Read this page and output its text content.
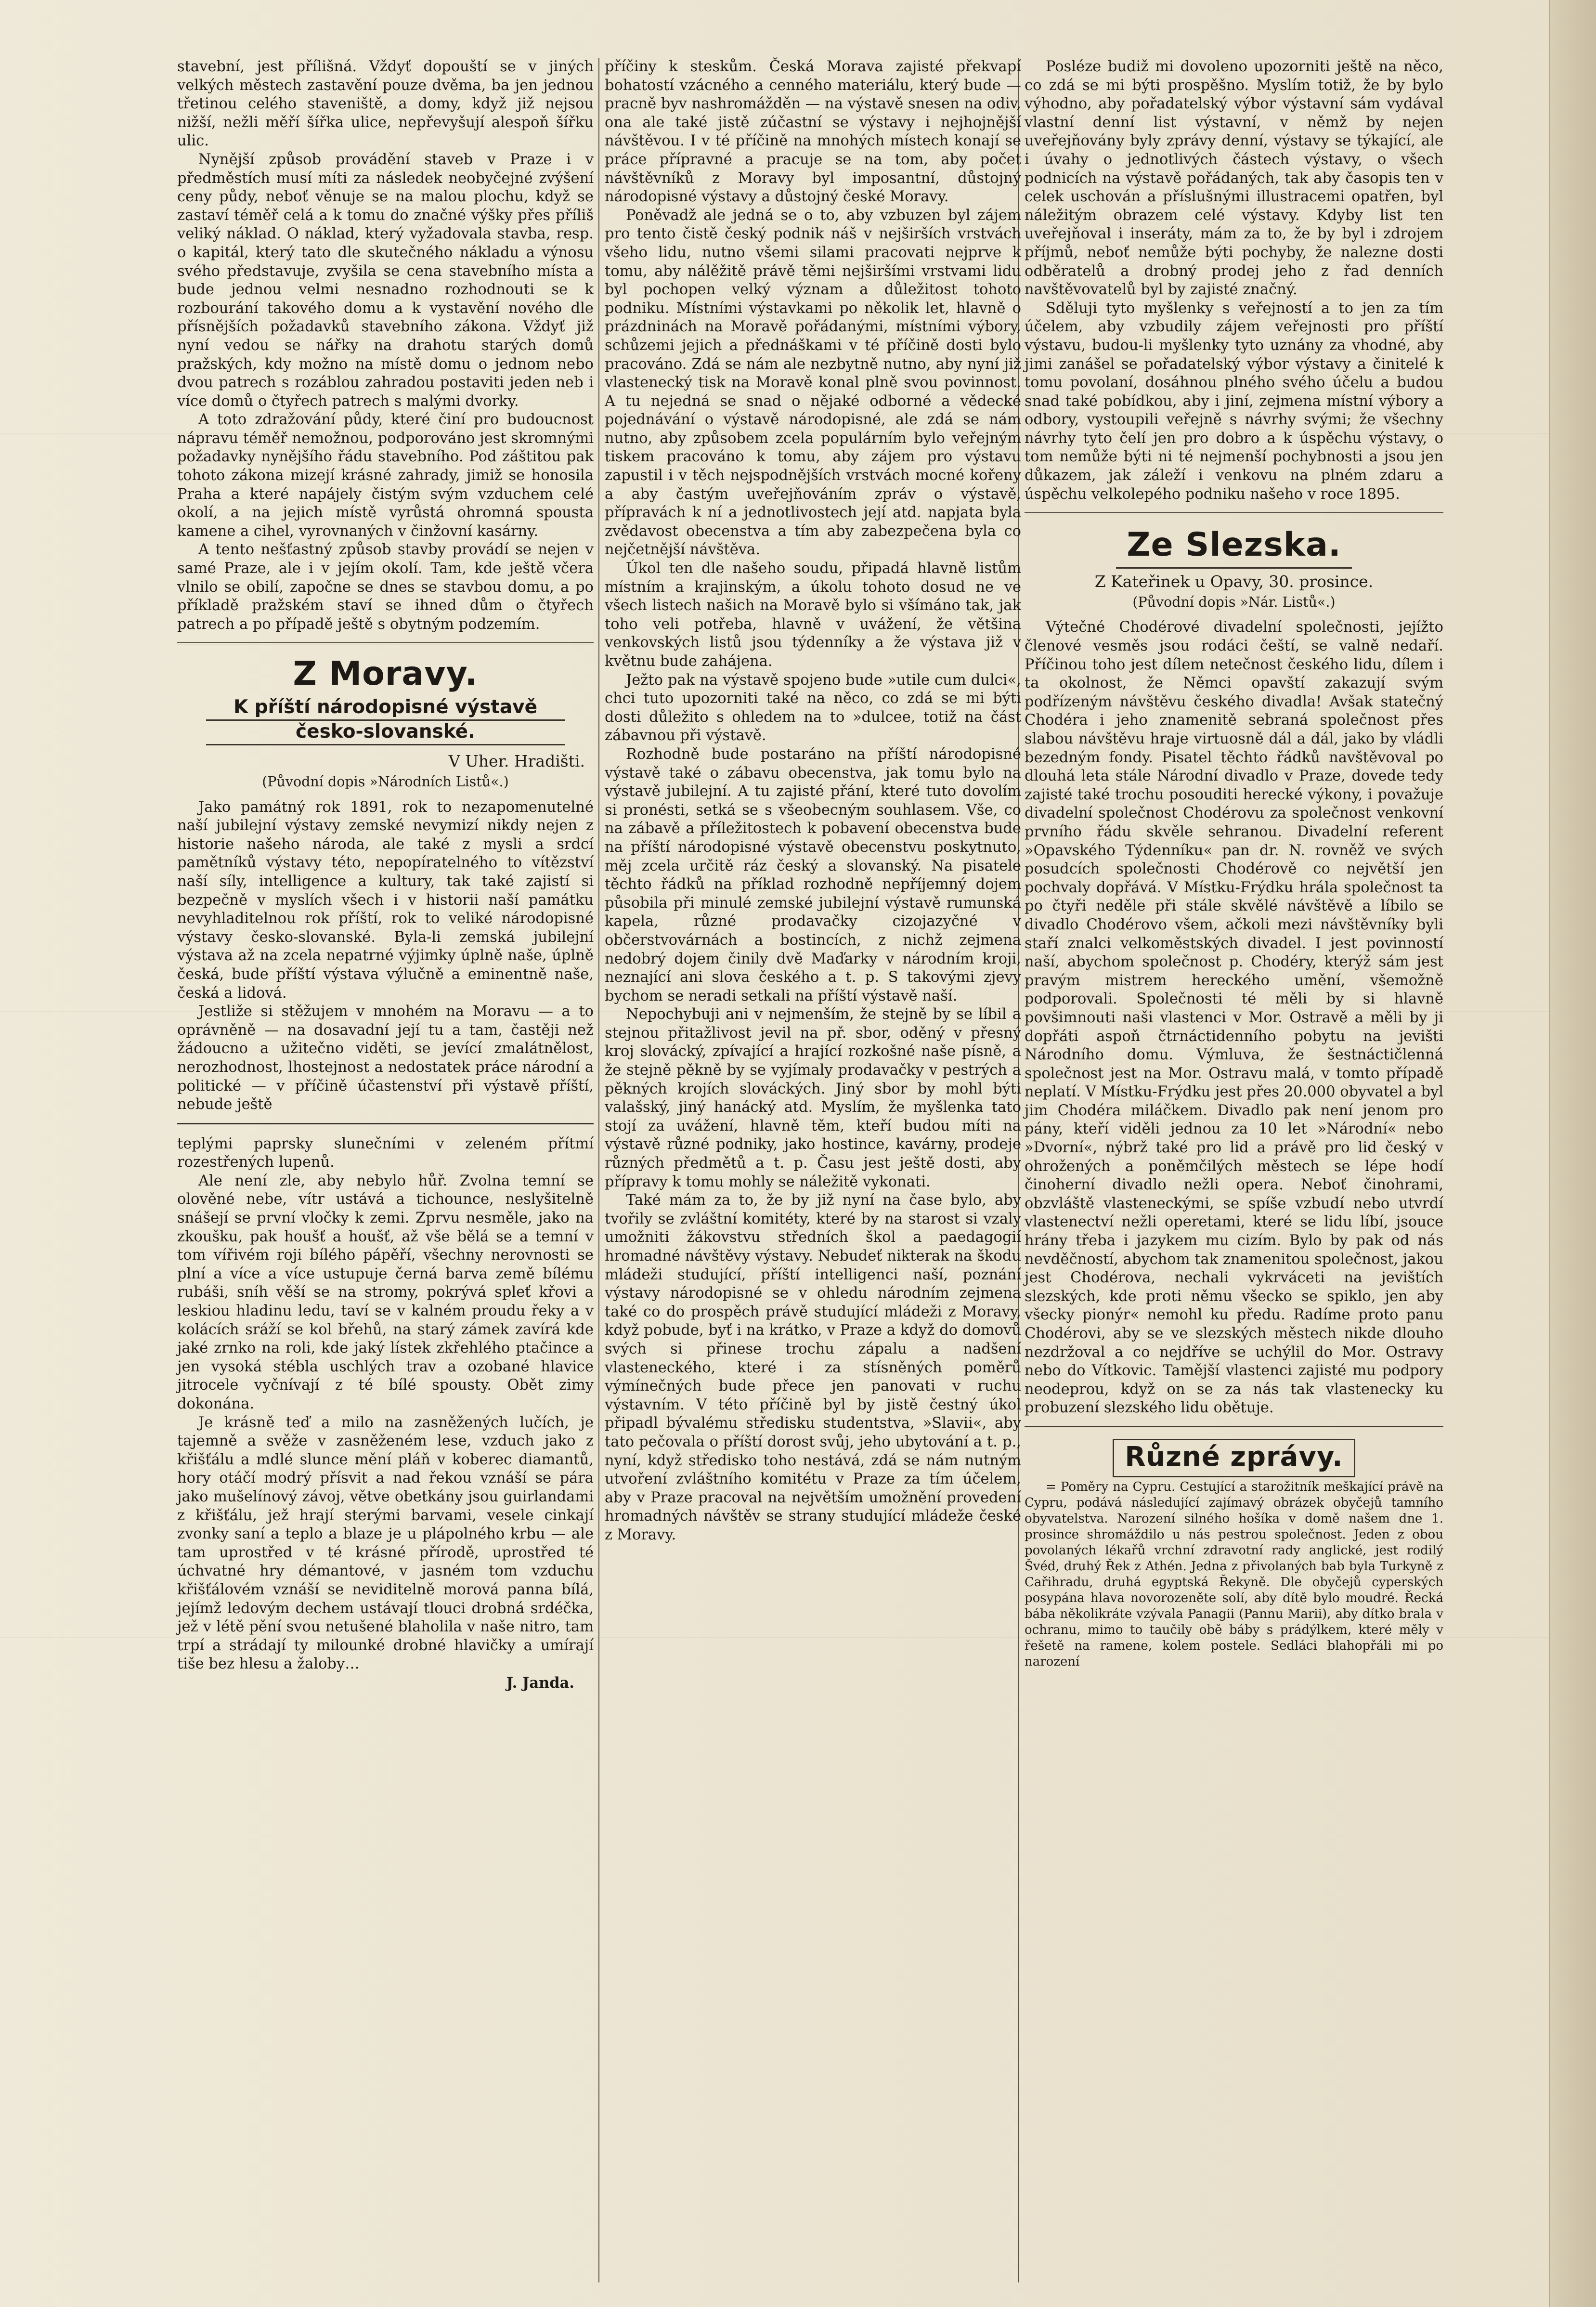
stavební, jest přílišná. Vždyť dopouští se v jiných velkých městech zastavění pouze dvěma, ba jen jednou třetinou celého staveniště, a domy, když již nejsou nižší, nežli měří šířka ulice, nepřevyšují alespoň šířku ulic.

Nynější způsob provádění staveb v Praze i v předměstích musí míti za následek neobyčejné zvýšení ceny půdy, neboť věnuje se na malou plochu, když se zastaví téměř celá a k tomu do značné výšky přes příliš veliký náklad. O náklad, který vyžadovala stavba, resp. o kapitál, který tato dle skutečného nákladu a výnosu svého představuje, zvyšila se cena stavebního místa a bude jednou velmi nesnadno rozhodnouti se k rozbourání takového domu a k vystavění nového dle přísnějších požadavků stavebního zákona. Vždyť již nyní vedou se nářky na drahotu starých domů pražských, kdy možno na místě domu o jednom nebo dvou patrech s rozáblou zahradou postaviti jeden neb i více domů o čtyřech patrech s malými dvorky.

A toto zdražování půdy, které činí pro budoucnost nápravu téměř nemožnou, podporováno jest skromnými požadavky nynějšího řádu stavebního. Pod záštitou pak tohoto zákona mizejí krásné zahrady, jimiž se honosila Praha a které napájely čistým svým vzduchem celé okolí, a na jejich místě vyrůstá ohromná spousta kamene a cihel, vyrovnaných v činžovní kasárny.

A tento nešťastný způsob stavby provádí se nejen v samé Praze, ale i v jejím okolí. Tam, kde ještě včera vlnilo se obilí, započne se dnes se stavbou domu, a po příkladě pražském staví se ihned dům o čtyřech patrech a po případě ještě s obytným podzemím.

Z Moravy.
K příští národopisné výstavě
česko-slovanské.
V Uher. Hradišti.
(Původní dopis »Národních Listů«.)

Jako památný rok 1891, rok to nezapomenutelné naší jubilejní výstavy zemské nevymizí nikdy nejen z historie našeho národa, ale také z mysli a srdcí pamětníků výstavy této, nepopíratelného to vítězství naší síly, intelligence a kultury, tak také zajistí si bezpečně v myslích všech i v historii naší památku nevyhladitelnou rok příští, rok to veliké národopisné výstavy česko-slovanské. Byla-li zemská jubilejní výstava až na zcela nepatrné výjimky úplně naše, úplně česká, bude příští výstava výlučně a eminentně naše, česká a lidová.

Jestliže si stěžujem v mnohém na Moravu — a to oprávněně — na dosavadní její tu a tam, častěji než žádoucno a užitečno viděti, se jevící zmalátnělost, nerozhodnost, lhostejnost a nedostatek práce národní a politické — v příčině účastenství při výstavě příští, nebude ještě

teplými paprsky slunečními v zeleném přítmí rozestřených lupenů.

Ale není zle, aby nebylo hůř. Zvolna temní se olověné nebe, vítr ustává a tichounce, neslyšitelně snášejí se první vločky k zemi. Zprvu nesměle, jako na zkoušku, pak houšť a houšť, až vše bělá se a temní v tom vířivém roji bílého pápěří, všechny nerovnosti se plní a více a více ustupuje černá barva země bílému rubáši, sníh věší se na stromy, pokrývá spleť křovi a leskiou hladinu ledu, taví se v kalném proudu řeky a v kolácích sráží se kol břehů, na starý zámek zavírá kde jaké zrnko na roli, kde jaký lístek zkřehlého ptačince a jen vysoká stébla uschlých trav a ozobané hlavice jitrocele vyčnívají z té bílé spousty. Obět zimy dokonána.

Je krásně teď a milo na zasněžených lučích, je tajemně a svěže v zasněženém lese, vzduch jako z křišťálu a mdlé slunce mění pláň v koberec diamantů, hory otáčí modrý přísvit a nad řekou vznáší se pára jako mušelínový závoj, větve obetkány jsou guirlandami z křišťálu, jež hrají sterými barvami, vesele cinkají zvonky saní a teplo a blaze je u plápolného krbu — ale tam uprostřed v té krásné přírodě, uprostřed té úchvatné hry démantové, v jasném tom vzduchu křišťálovém vznáší se neviditelně morová panna bílá, jejímž ledovým dechem ustávají tlouci drobná srdéčka, jež v létě pění svou netušené blaholila v naše nitro, tam trpí a strádají ty milounké drobné hlavičky a umírají tiše bez hlesu a žaloby…

J. Janda.

příčiny k steskům. Česká Morava zajisté překvapí bohatostí vzácného a cenného materiálu, který bude — pracně byv nashromážděn — na výstavě snesen na odiv, ona ale také jistě zúčastní se výstavy i nejhojnější návštěvou. I v té příčině na mnohých místech konají se práce přípravné a pracuje se na tom, aby počet návštěvníků z Moravy byl imposantní, důstojný národopisné výstavy a důstojný české Moravy.

Poněvadž ale jedná se o to, aby vzbuzen byl zájem pro tento čistě český podnik náš v nejširších vrstvách všeho lidu, nutno všemi silami pracovati nejprve k tomu, aby nálěžitě právě těmi nejširšími vrstvami lidu byl pochopen velký význam a důležitost tohoto podniku. Místními výstavkami po několik let, hlavně o prázdninách na Moravě pořádanými, místními výbory, schůzemi jejich a přednáškami v té příčině dosti bylo pracováno. Zdá se nám ale nezbytně nutno, aby nyní již vlastenecký tisk na Moravě konal plně svou povinnost. A tu nejedná se snad o nějaké odborné a vědecké pojednávání o výstavě národopisné, ale zdá se nám nutno, aby způsobem zcela populárním bylo veřejným tiskem pracováno k tomu, aby zájem pro výstavu zapustil i v těch nejspodnějších vrstvách mocné kořeny a aby častým uveřejňováním zpráv o výstavě, přípravách k ní a jednotlivostech její atd. napjata byla zvědavost obecenstva a tím aby zabezpečena byla co nejčetnější návštěva.

Úkol ten dle našeho soudu, připadá hlavně listům místním a krajinským, a úkolu tohoto dosud ne ve všech listech našich na Moravě bylo si všímáno tak, jak toho veli potřeba, hlavně v uvážení, že většina venkovských listů jsou týdenníky a že výstava již v květnu bude zahájena.

Ježto pak na výstavě spojeno bude »utile cum dulci«, chci tuto upozorniti také na něco, co zdá se mi býti dosti důležito s ohledem na to »dulcee, totiž na část zábavnou při výstavě.

Rozhodně bude postaráno na příští národopisné výstavě také o zábavu obecenstva, jak tomu bylo na výstavě jubilejní. A tu zajisté přání, které tuto dovolím si pronésti, setká se s všeobecným souhlasem. Vše, co na zábavě a příležitostech k pobavení obecenstva bude na příští národopisné výstavě obecenstvu poskytnuto, měj zcela určitě ráz český a slovanský. Na pisatele těchto řádků na příklad rozhodně nepříjemný dojem působila při minulé zemské jubilejní výstavě rumunská kapela, různé prodavačky cizojazyčné v občerstvovárnách a bostincích, z nichž zejmena nedobrý dojem činily dvě Maďarky v národním kroji, neznající ani slova českého a t. p. S takovými zjevy bychom se neradi setkali na příští výstavě naší.

Nepochybuji ani v nejmenším, že stejně by se líbil a stejnou přitažlivost jevil na př. sbor, oděný v přesný kroj slovácký, zpívající a hrající rozkošné naše písně, a že stejně pěkně by se vyjímaly prodavačky v pestrých a pěkných krojích slováckých. Jiný sbor by mohl býti valašský, jiný hanácký atd. Myslím, že myšlenka tato stojí za uvážení, hlavně těm, kteří budou míti na výstavě různé podniky, jako hostince, kavárny, prodeje různých předmětů a t. p. Času jest ještě dosti, aby přípravy k tomu mohly se náležitě vykonati.

Také mám za to, že by již nyní na čase bylo, aby tvořily se zvláštní komitéty, které by na starost si vzaly umožniti žákovstvu středních škol a paedagogií hromadné návštěvy výstavy. Nebudeť nikterak na škodu mládeži studující, příští intelligenci naší, poznání výstavy národopisné se v ohledu národním zejmena také co do prospěch právě studující mládeži z Moravy, když pobude, byť i na krátko, v Praze a když do domovů svých si přinese trochu zápalu a nadšení vlasteneckého, které i za stísněných poměrů výmínečných bude přece jen panovati v ruchu výstavním. V této příčině byl by jistě čestný úkol připadl bývalému středisku studentstva, »Slavii«, aby tato pečovala o příští dorost svůj, jeho ubytování a t. p., nyní, když středisko toho nestává, zdá se nám nutným utvoření zvláštního komitétu v Praze za tím účelem, aby v Praze pracoval na největším umožnění provedení hromadných návštěv se strany studující mládeže české z Moravy.

Posléze budiž mi dovoleno upozorniti ještě na něco, co zdá se mi býti prospěšno. Myslím totiž, že by bylo výhodno, aby pořadatelský výbor výstavní sám vydával vlastní denní list výstavní, v němž by nejen uveřejňovány byly zprávy denní, výstavy se týkající, ale i úvahy o jednotlivých částech výstavy, o všech podnicích na výstavě pořádaných, tak aby časopis ten v celek uschován a příslušnými illustracemi opatřen, byl náležitým obrazem celé výstavy. Kdyby list ten uveřejňoval i inseráty, mám za to, že by byl i zdrojem příjmů, neboť nemůže býti pochyby, že nalezne dosti odběratelů a drobný prodej jeho z řad denních navštěvovatelů byl by zajisté značný.

Sděluji tyto myšlenky s veřejností a to jen za tím účelem, aby vzbudily zájem veřejnosti pro příští výstavu, budou-li myšlenky tyto uznány za vhodné, aby jimi zanášel se pořadatelský výbor výstavy a činitelé k tomu povolaní, dosáhnou plného svého účelu a budou snad také pobídkou, aby i jiní, zejmena místní výbory a odbory, vystoupili veřejně s návrhy svými; že všechny návrhy tyto čelí jen pro dobro a k úspěchu výstavy, o tom nemůže býti ni té nejmenší pochybnosti a jsou jen důkazem, jak záleží i venkovu na plném zdaru a úspěchu velkolepého podniku našeho v roce 1895.

Ze Slezska.
Z Kateřinek u Opavy, 30. prosince.
(Původní dopis »Nár. Listů«.)

Výtečné Chodérové divadelní společnosti, jejížto členové vesměs jsou rodáci čeští, se valně nedaří. Příčinou toho jest dílem netečnost českého lidu, dílem i ta okolnost, že Němci opavští zakazují svým podřízeným návštěvu českého divadla! Avšak statečný Chodéra i jeho znamenitě sebraná společnost přes slabou návštěvu hraje virtuosně dál a dál, jako by vládli bezedným fondy. Pisatel těchto řádků navštěvoval po dlouhá leta stále Národní divadlo v Praze, dovede tedy zajisté také trochu posouditi herecké výkony, i považuje divadelní společnost Chodérovu za společnost venkovní prvního řádu skvěle sehranou. Divadelní referent »Opavského Týdenníku« pan dr. N. rovněž ve svých posudcích společnosti Chodérově co největší jen pochvaly dopřává. V Místku-Frýdku hrála společnost ta po čtyři neděle při stále skvělé návštěvě a líbilo se divadlo Chodérovo všem, ačkoli mezi návštěvníky byli staří znalci velkoměstských divadel. I jest povinností naší, abychom společnost p. Chodéry, kterýž sám jest pravým mistrem hereckého umění, všemožně podporovali. Společnosti té měli by si hlavně povšimnouti naši vlastenci v Mor. Ostravě a měli by ji dopřáti aspoň čtrnáctidenního pobytu na jevišti Národního domu. Výmluva, že šestnáctičlenná společnost jest na Mor. Ostravu malá, v tomto případě neplatí. V Místku-Frýdku jest přes 20.000 obyvatel a byl jim Chodéra miláčkem. Divadlo pak není jenom pro pány, kteří viděli jednou za 10 let »Národní« nebo »Dvorní«, nýbrž také pro lid a právě pro lid český v ohrožených a poněmčilých městech se lépe hodí činoherní divadlo nežli opera. Neboť činohrami, obzvláště vlasteneckými, se spíše vzbudí nebo utvrdí vlastenectví nežli operetami, které se lidu líbí, jsouce hrány třeba i jazykem mu cizím. Bylo by pak od nás nevděčností, abychom tak znamenitou společnost, jakou jest Chodérova, nechali vykrváceti na jevištích slezských, kde proti němu všecko se spiklo, jen aby všecky pionýr« nemohl ku předu. Radíme proto panu Chodérovi, aby se ve slezských městech nikde dlouho nezdržoval a co nejdříve se uchýlil do Mor. Ostravy nebo do Vítkovic. Tamější vlastenci zajisté mu podpory neodeprou, když on se za nás tak vlastenecky ku probuzení slezského lidu obětuje.

Různé zprávy.

= Poměry na Cypru. Cestující a starožitník meškající právě na Cypru, podává následující zajímavý obrázek obyčejů tamního obyvatelstva. Narození silného hošíka v domě našem dne 1. prosince shromáždilo u nás pestrou společnost. Jeden z obou povolaných lékařů vrchní zdravotní rady anglické, jest rodilý Švéd, druhý Řek z Athén. Jedna z přivolaných bab byla Turkyně z Cařihradu, druhá egyptská Řekyně. Dle obyčejů cyperských posypána hlava novorozeněte solí, aby dítě bylo moudré. Řecká bába několikráte vzývala Panagii (Pannu Marii), aby dítko brala v ochranu, mimo to taučily obě báby s prádýlkem, které měly v řešetě na ramene, kolem postele. Sedláci blahopřáli mi po narození
